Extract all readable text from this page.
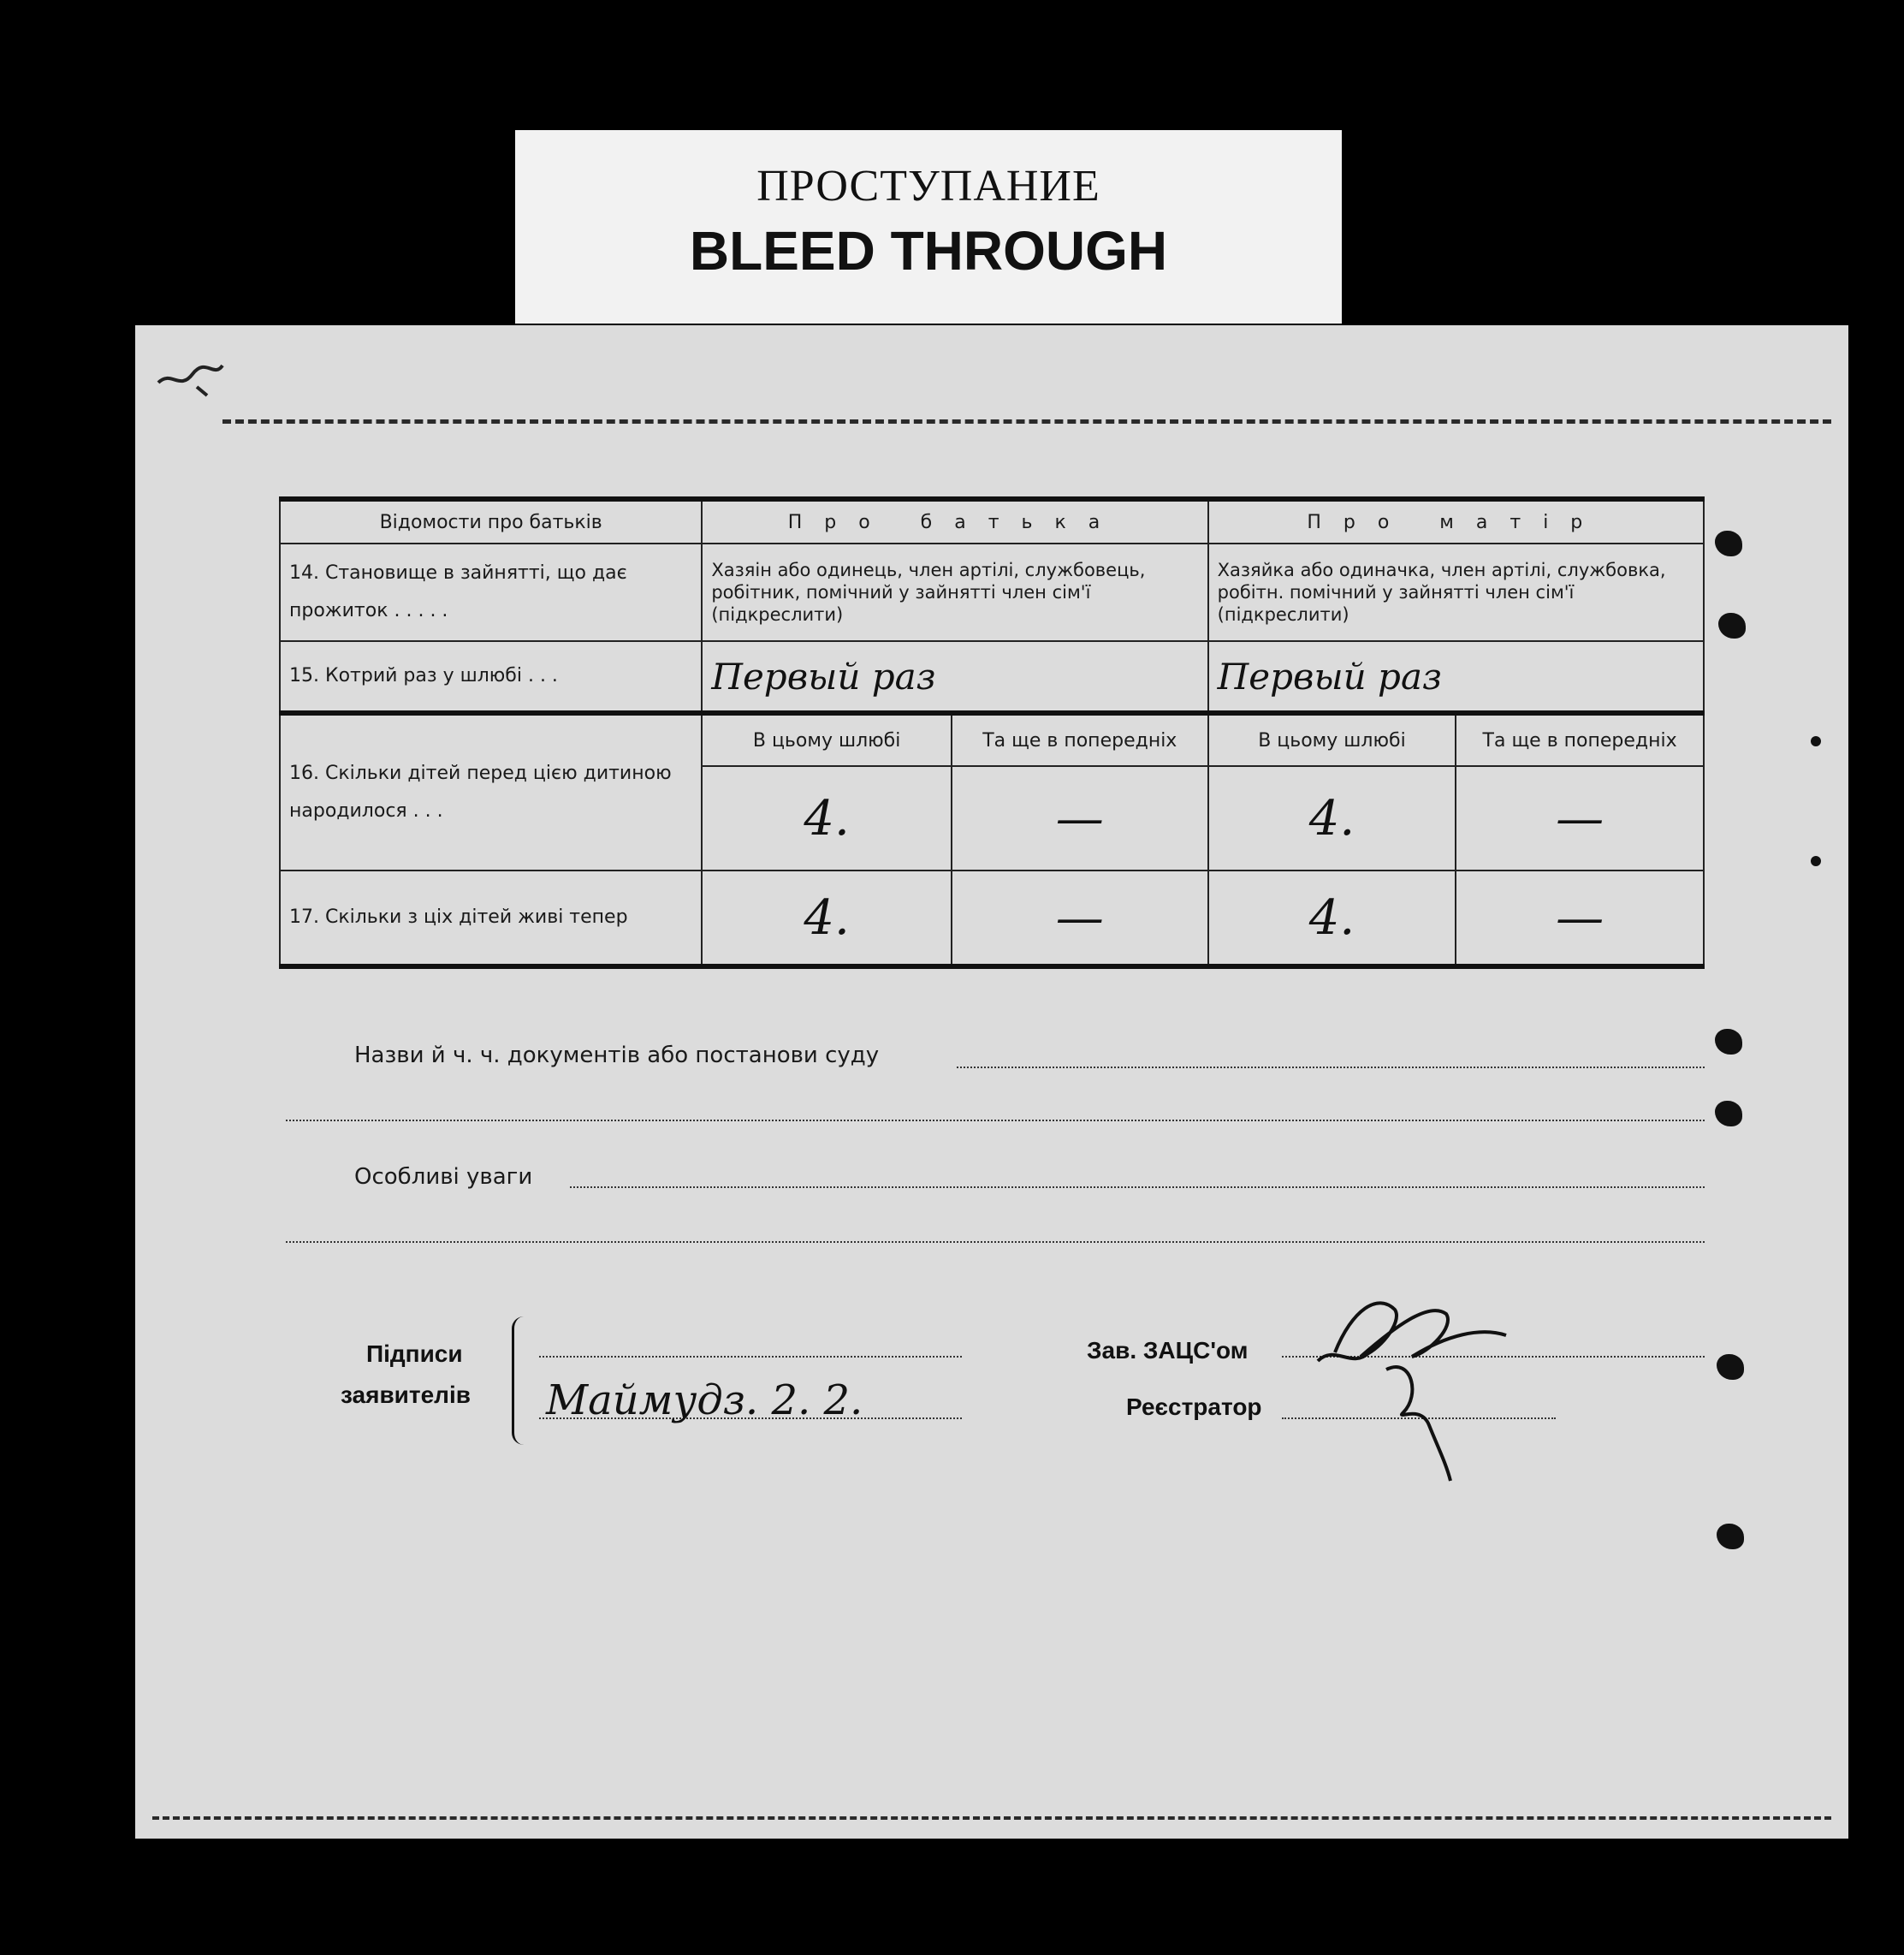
ПРОСТУПАНИЕ
BLEED THROUGH
Відомости про батьків	Про батька		Про матір	
14. Становище в зайнятті, що дає прожиток . . . . .	Хазяін або одинець, член артілі, службовець, робітник, помічний у зайнятті член сім'ї (підкреслити)		Хазяйка або одиначка, член артілі, службовка, робітн. помічний у зайнятті член сім'ї (підкреслити)	
15. Котрий раз у шлюбі . . .	Первый раз		Первый раз	
16. Скільки дітей перед цією дитиною народилося . . .	В цьому шлюбі	Та ще в попередніх	В цьому шлюбі	Та ще в попередніх
	4.	—	4.	—
17. Скільки з ціх дітей живі тепер	4.	—	4.	—
Назви й ч. ч. документів або постанови суду
Особливі уваги
Підписи
заявителів Маймудз. 2. 2.
Зав. ЗАЦС'ом
Реєстратор
